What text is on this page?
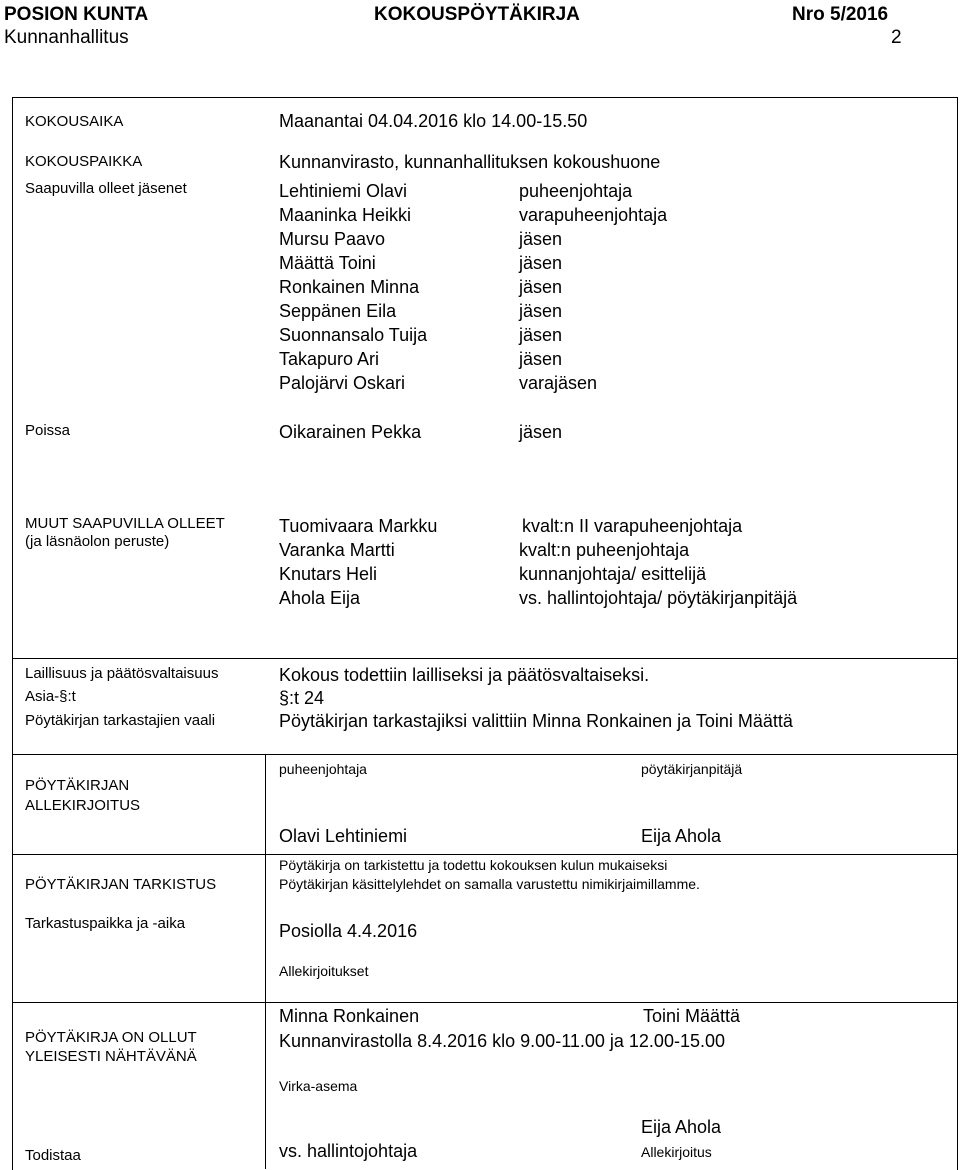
POSION KUNTA	KOKOUSPÖYTÄKIRJA	Nro 5/2016
Kunnanhallitus	2
KOKOUSAIKA	Maanantai 04.04.2016 klo 14.00-15.50
KOKOUSPAIKKA	Kunnanvirasto, kunnanhallituksen kokoushuone
Saapuvilla olleet jäsenet	Lehtiniemi Olavi	puheenjohtaja
Maaninka Heikki	varapuheenjohtaja
Mursu Paavo	jäsen
Määttä Toini	jäsen
Ronkainen Minna	jäsen
Seppänen Eila	jäsen
Suonnansalo Tuija	jäsen
Takapuro Ari	jäsen
Palojärvi Oskari	varajäsen
Poissa	Oikarainen Pekka	jäsen
MUUT SAAPUVILLA OLLEET
(ja läsnäolon peruste)
Tuomivaara Markku	kvalt:n II varapuheenjohtaja
Varanka Martti	kvalt:n puheenjohtaja
Knutars Heli	kunnanjohtaja/ esittelijä
Ahola Eija	vs. hallintojohtaja/ pöytäkirjanpitäjä
Laillisuus ja päätösvaltaisuus	Kokous todettiin lailliseksi ja päätösvaltaiseksi.
Asia-§:t	§:t 24
Pöytäkirjan tarkastajien vaali	Pöytäkirjan tarkastajiksi valittiin Minna Ronkainen ja Toini Määttä
PÖYTÄKIRJAN
ALLEKIRJOITUS
puheenjohtaja	pöytäkirjanpitäjä
Olavi Lehtiniemi	Eija Ahola
PÖYTÄKIRJAN TARKISTUS
Pöytäkirja on tarkistettu ja todettu kokouksen kulun mukaiseksi
Pöytäkirjan käsittelylehdet on samalla varustettu nimikirjaimillamme.
Tarkastuspaikka ja -aika	Posiolla 4.4.2016
Allekirjoitukset
Minna Ronkainen	Toini Määttä
PÖYTÄKIRJA ON OLLUT
YLEISESTI NÄHTÄVÄNÄ
Kunnanvirastolla 8.4.2016 klo 9.00-11.00 ja 12.00-15.00
Virka-asema
Eija Ahola
Todistaa	vs. hallintojohtaja	Allekirjoitus
